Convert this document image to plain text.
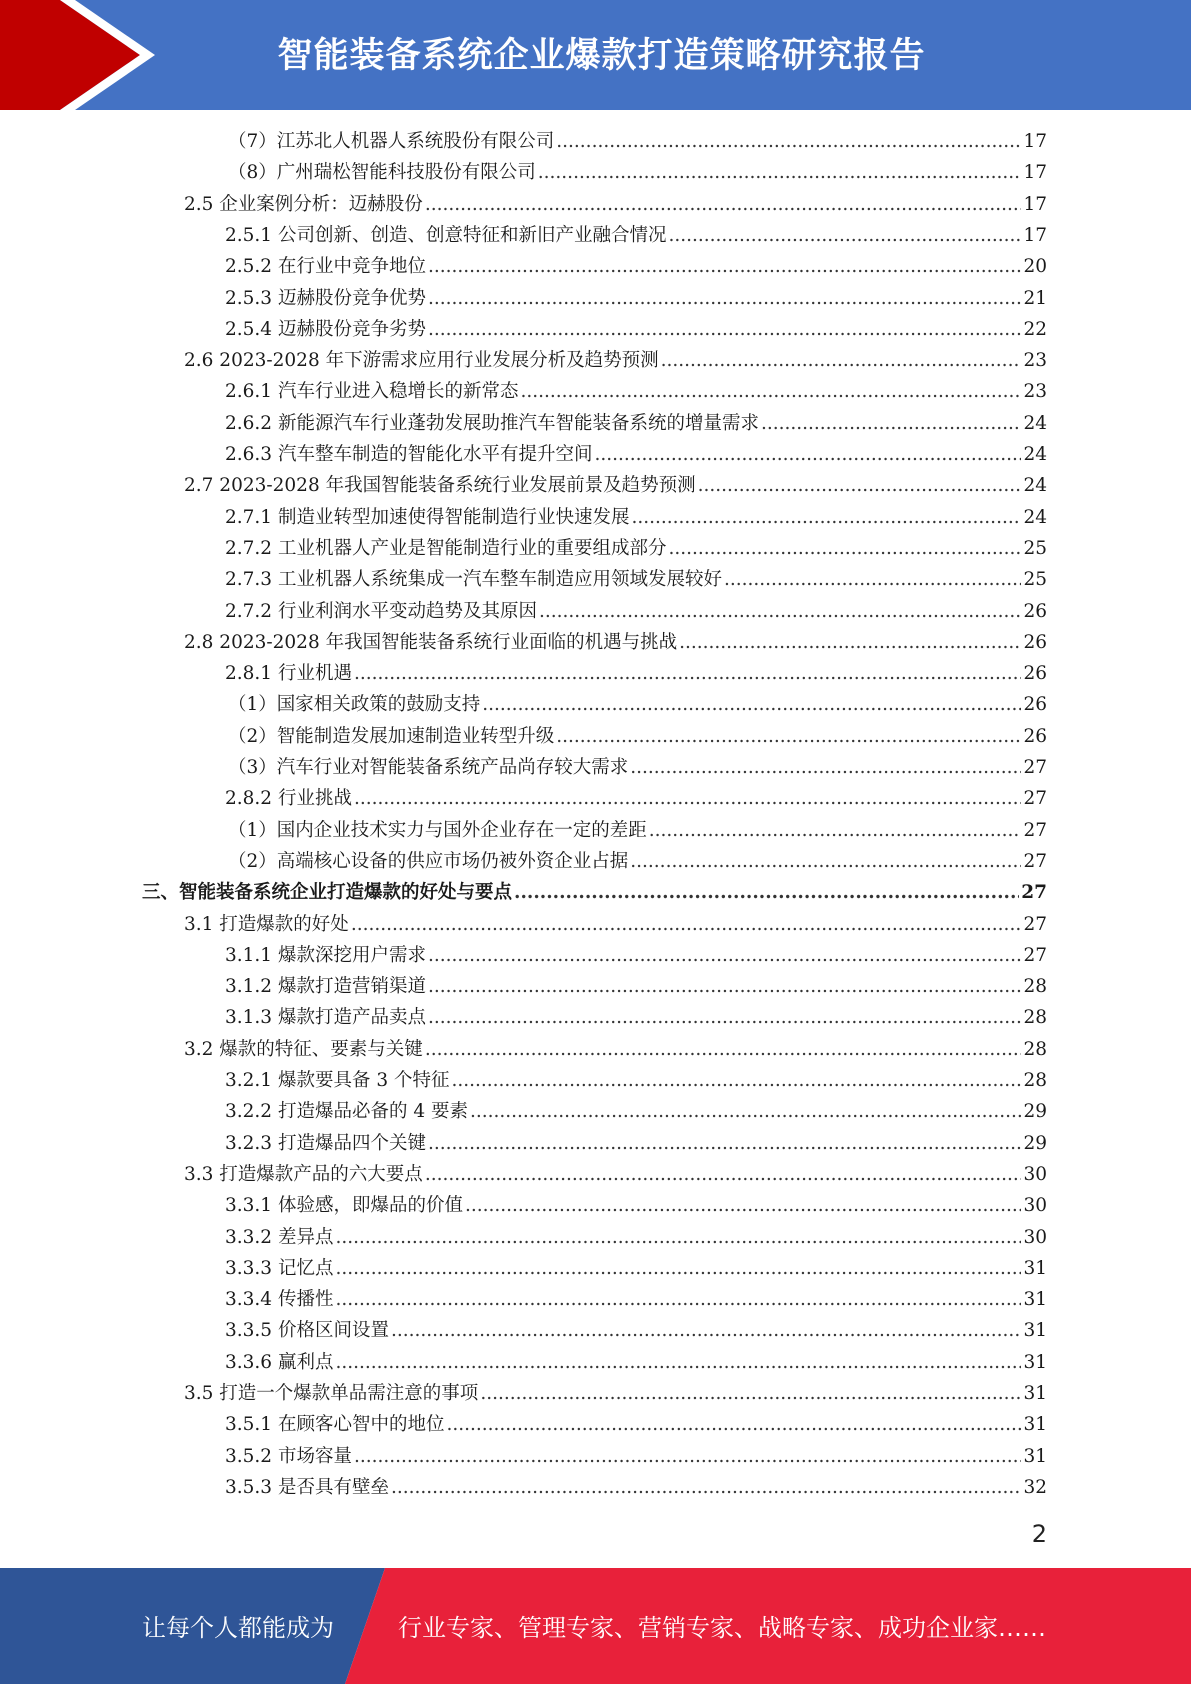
智能装备系统企业爆款打造策略研究报告
（7）江苏北人机器人系统股份有限公司 .....	17
（8）广州瑞松智能科技股份有限公司 .....	17
2.5 企业案例分析：迈赫股份 .....	17
2.5.1 公司创新、创造、创意特征和新旧产业融合情况 .....	17
2.5.2 在行业中竞争地位 .....	20
2.5.3 迈赫股份竞争优势 .....	21
2.5.4 迈赫股份竞争劣势 .....	22
2.6 2023-2028 年下游需求应用行业发展分析及趋势预测 .....	23
2.6.1 汽车行业进入稳增长的新常态 .....	23
2.6.2 新能源汽车行业蓬勃发展助推汽车智能装备系统的增量需求 .....	24
2.6.3 汽车整车制造的智能化水平有提升空间 .....	24
2.7 2023-2028 年我国智能装备系统行业发展前景及趋势预测 .....	24
2.7.1 制造业转型加速使得智能制造行业快速发展 .....	24
2.7.2 工业机器人产业是智能制造行业的重要组成部分 .....	25
2.7.3 工业机器人系统集成一汽车整车制造应用领域发展较好 .....	25
2.7.2 行业利润水平变动趋势及其原因 .....	26
2.8 2023-2028 年我国智能装备系统行业面临的机遇与挑战 .....	26
2.8.1 行业机遇 .....	26
（1）国家相关政策的鼓励支持 .....	26
（2）智能制造发展加速制造业转型升级 .....	26
（3）汽车行业对智能装备系统产品尚存较大需求 .....	27
2.8.2 行业挑战 .....	27
（1）国内企业技术实力与国外企业存在一定的差距 .....	27
（2）高端核心设备的供应市场仍被外资企业占据 .....	27
三、智能装备系统企业打造爆款的好处与要点 .....	27
3.1 打造爆款的好处 .....	27
3.1.1 爆款深挖用户需求 .....	27
3.1.2 爆款打造营销渠道 .....	28
3.1.3 爆款打造产品卖点 .....	28
3.2 爆款的特征、要素与关键 .....	28
3.2.1 爆款要具备 3 个特征 .....	28
3.2.2 打造爆品必备的 4 要素 .....	29
3.2.3 打造爆品四个关键 .....	29
3.3 打造爆款产品的六大要点 .....	30
3.3.1 体验感，即爆品的价值 .....	30
3.3.2 差异点 .....	30
3.3.3 记忆点 .....	31
3.3.4 传播性 .....	31
3.3.5 价格区间设置 .....	31
3.3.6 赢利点 .....	31
3.5 打造一个爆款单品需注意的事项 .....	31
3.5.1 在顾客心智中的地位 .....	31
3.5.2 市场容量 .....	31
3.5.3 是否具有壁垒 .....	32
2
让每个人都能成为	行业专家、管理专家、营销专家、战略专家、成功企业家……
